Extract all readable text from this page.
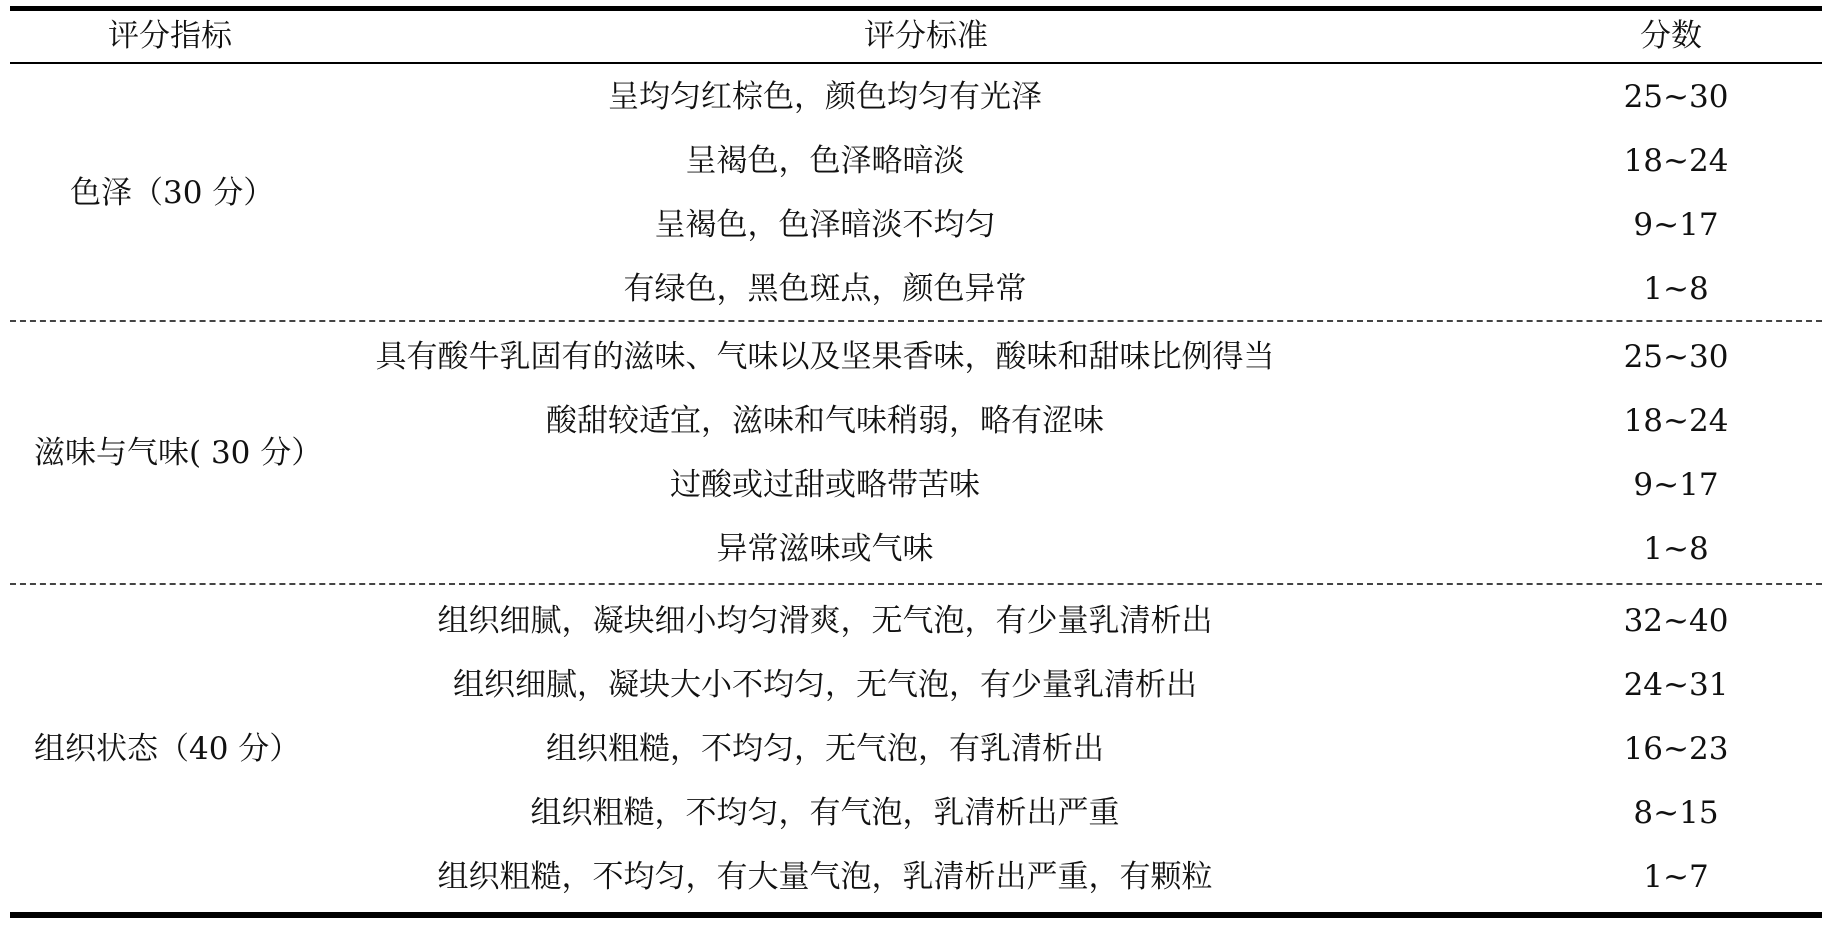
评分指标	评分标准	分数
色泽（30 分）
呈均匀红棕色，颜色均匀有光泽	25~30
呈褐色，色泽略暗淡	18~24
呈褐色，色泽暗淡不均匀	9~17
有绿色，黑色斑点，颜色异常	1~8
滋味与气味( 30 分）
具有酸牛乳固有的滋味、气味以及坚果香味，酸味和甜味比例得当	25~30
酸甜较适宜，滋味和气味稍弱，略有涩味	18~24
过酸或过甜或略带苦味	9~17
异常滋味或气味	1~8
组织状态（40 分）
组织细腻，凝块细小均匀滑爽，无气泡，有少量乳清析出	32~40
组织细腻，凝块大小不均匀，无气泡，有少量乳清析出	24~31
组织粗糙，不均匀，无气泡，有乳清析出	16~23
组织粗糙，不均匀，有气泡，乳清析出严重	8~15
组织粗糙，不均匀，有大量气泡，乳清析出严重，有颗粒	1~7
